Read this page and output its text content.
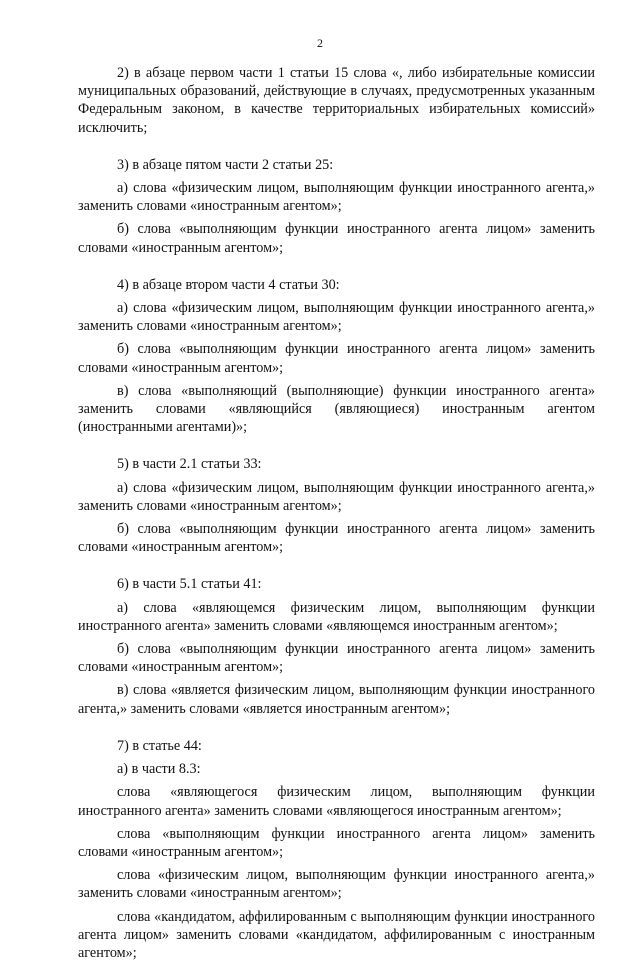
2

2) в абзаце первом части 1 статьи 15 слова «, либо избирательные комиссии муниципальных образований, действующие в случаях, предусмотренных указанным Федеральным законом, в качестве территориальных избирательных комиссий» исключить;

3) в абзаце пятом части 2 статьи 25:

а) слова «физическим лицом, выполняющим функции иностранного агента,» заменить словами «иностранным агентом»;

б) слова «выполняющим функции иностранного агента лицом» заменить словами «иностранным агентом»;

4) в абзаце втором части 4 статьи 30:

а) слова «физическим лицом, выполняющим функции иностранного агента,» заменить словами «иностранным агентом»;

б) слова «выполняющим функции иностранного агента лицом» заменить словами «иностранным агентом»;

в) слова «выполняющий (выполняющие) функции иностранного агента» заменить словами «являющийся (являющиеся) иностранным агентом (иностранными агентами)»;

5) в части 2.1 статьи 33:

а) слова «физическим лицом, выполняющим функции иностранного агента,» заменить словами «иностранным агентом»;

б) слова «выполняющим функции иностранного агента лицом» заменить словами «иностранным агентом»;

6) в части 5.1 статьи 41:

а) слова «являющемся физическим лицом, выполняющим функции иностранного агента» заменить словами «являющемся иностранным агентом»;

б) слова «выполняющим функции иностранного агента лицом» заменить словами «иностранным агентом»;

в) слова «является физическим лицом, выполняющим функции иностранного агента,» заменить словами «является иностранным агентом»;

7) в статье 44:

а) в части 8.3:

слова «являющегося физическим лицом, выполняющим функции иностранного агента» заменить словами «являющегося иностранным агентом»;

слова «выполняющим функции иностранного агента лицом» заменить словами «иностранным агентом»;

слова «физическим лицом, выполняющим функции иностранного агента,» заменить словами «иностранным агентом»;

слова «кандидатом, аффилированным с выполняющим функции иностранного агента лицом» заменить словами «кандидатом, аффилированным с иностранным агентом»;
